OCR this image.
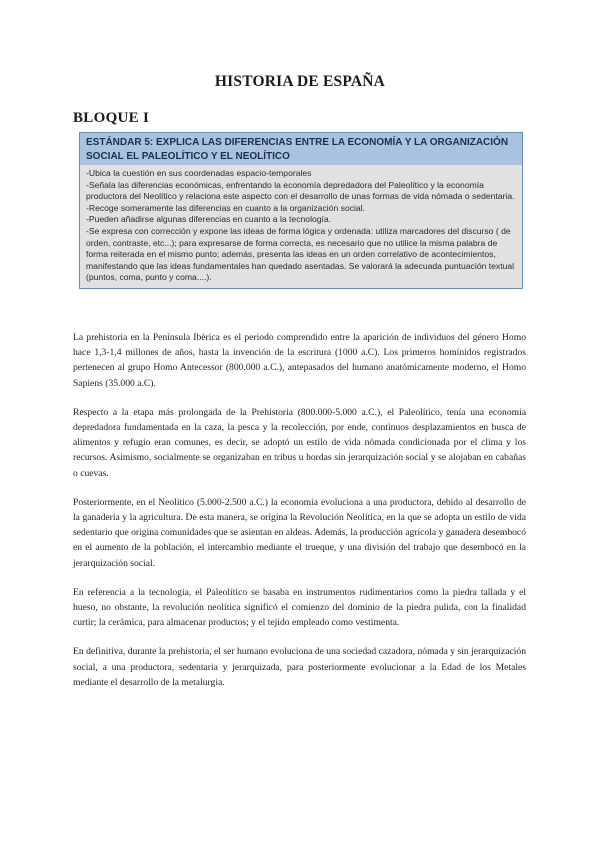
HISTORIA DE ESPAÑA
BLOQUE I
ESTÁNDAR 5: EXPLICA LAS DIFERENCIAS ENTRE LA ECONOMÍA Y LA ORGANIZACIÓN SOCIAL EL PALEOLÍTICO Y EL NEOLÍTICO
-Ubica la cuestión en sus coordenadas espacio-temporales
-Señala las diferencias económicas, enfrentando la economía depredadora del Paleolítico y la economía productora del Neolítico y relaciona este aspecto con el desarrollo de unas formas de vida nómada o sedentaria.
-Recoge someramente las diferencias en cuanto a la organización social.
-Pueden añadirse algunas diferencias en cuanto a la tecnología.
-Se expresa con corrección y expone las ideas de forma lógica y ordenada: utiliza marcadores del discurso ( de orden, contraste, etc...); para expresarse de forma correcta, es necesario que no utilice la misma palabra de forma reiterada en el mismo punto; además, presenta las ideas en un orden correlativo de acontecimientos, manifestando que las ideas fundamentales han quedado asentadas. Se valorará la adecuada puntuación textual (puntos, coma, punto y coma....).

La prehistoria en la Península Ibérica es el periodo comprendido entre la aparición de individuos del género Homo hace 1,3-1,4 millones de años, hasta la invención de la escritura (1000 a.C). Los primeros homínidos registrados pertenecen al grupo Homo Antecessor (800.000 a.C.), antepasados del humano anatómicamente moderno, el Homo Sapiens (35.000 a.C).

Respecto a la etapa más prolongada de la Prehistoria (800.000-5.000 a.C.), el Paleolítico, tenía una economía depredadora fundamentada en la caza, la pesca y la recolección, por ende, continuos desplazamientos en busca de alimentos y refugio eran comunes, es decir, se adoptó un estilo de vida nómada condicionada por el clima y los recursos. Asimismo, socialmente se organizaban en tribus u hordas sin jerarquización social y se alojaban en cabañas o cuevas.

Posteriormente, en el Neolítico (5.000-2.500 a.C.) la economía evoluciona a una productora, debido al desarrollo de la ganadería y la agricultura. De esta manera, se origina la Revolución Neolítica, en la que se adopta un estilo de vida sedentario que origina comunidades que se asientan en aldeas. Además, la producción agrícola y ganadera desembocó en el aumento de la población, el intercambio mediante el trueque, y una división del trabajo que desembocó en la jerarquización social.

En referencia a la tecnología, el Paleolítico se basaba en instrumentos rudimentarios como la piedra tallada y el hueso, no obstante, la revolución neolítica significó el comienzo del dominio de la piedra pulida, con la finalidad curtir; la cerámica, para almacenar productos; y el tejido empleado como vestimenta.

En definitiva, durante la prehistoria, el ser humano evoluciona de una sociedad cazadora, nómada y sin jerarquización social, a una productora, sedentaria y jerarquizada, para posteriormente evolucionar a la Edad de los Metales mediante el desarrollo de la metalurgia.
